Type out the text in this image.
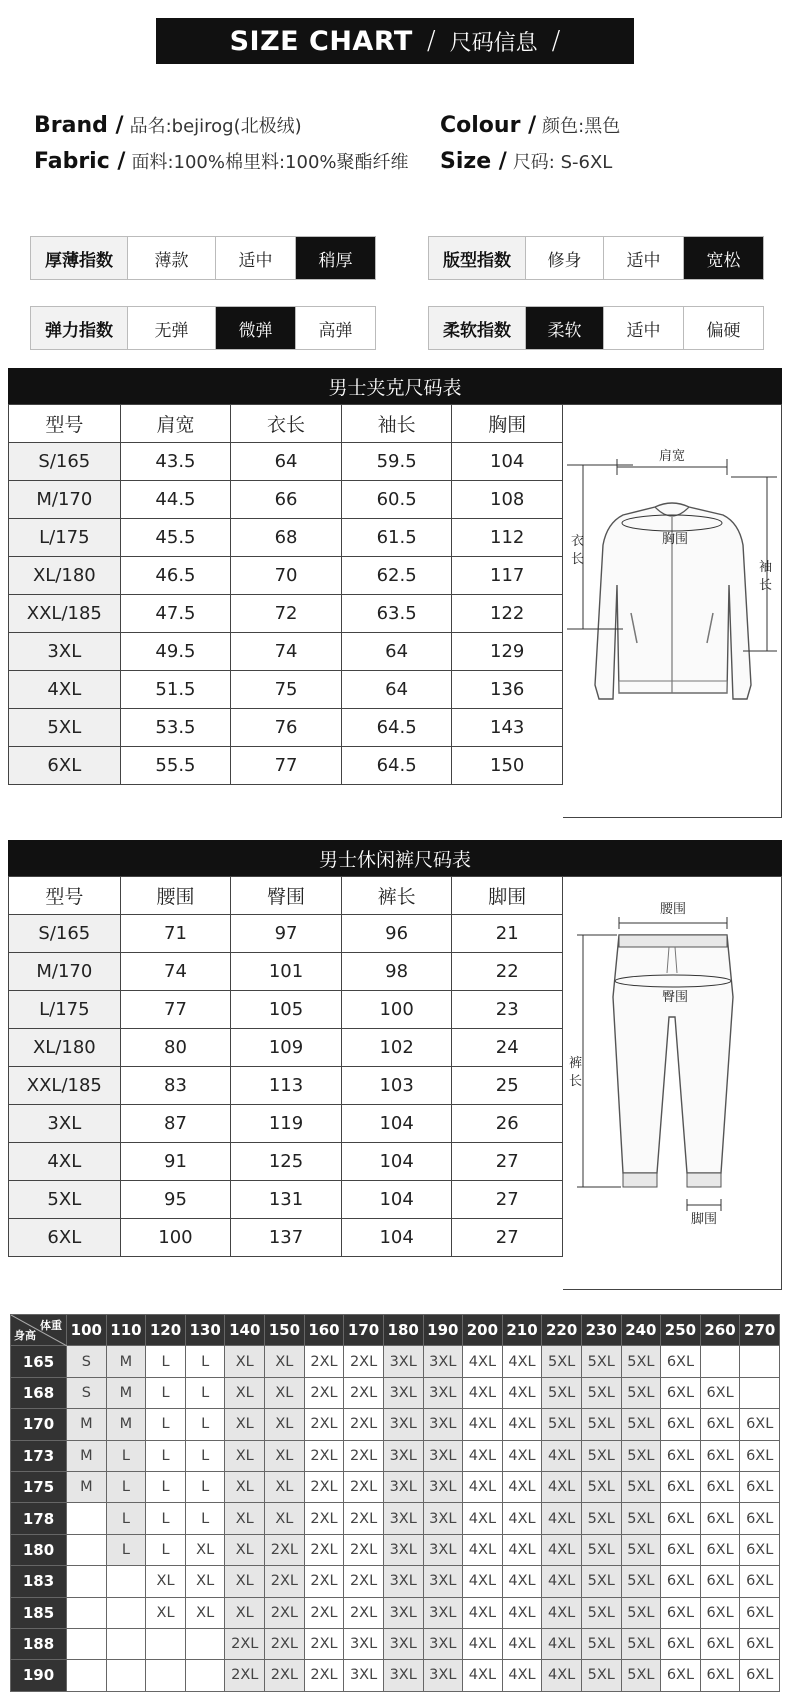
SIZE CHART / 尺码信息 /
Brand / 品名:bejirog(北极绒)
Fabric / 面料:100%棉里料:100%聚酯纤维
Colour / 颜色:黑色
Size / 尺码: S-6XL
厚薄指数	薄款	适中	稍厚	版型指数	修身	适中	宽松
弹力指数	无弹	微弹	高弹	柔软指数	柔软	适中	偏硬
男士夹克尺码表
型号	肩宽	衣长	袖长	胸围
S/165	43.5	64	59.5	104
M/170	44.5	66	60.5	108
L/175	45.5	68	61.5	112
XL/180	46.5	70	62.5	117
XXL/185	47.5	72	63.5	122
3XL	49.5	74	64	129
4XL	51.5	75	64	136
5XL	53.5	76	64.5	143
6XL	55.5	77	64.5	150
肩宽
胸围
衣长
袖长
男士休闲裤尺码表
型号	腰围	臀围	裤长	脚围
S/165	71	97	96	21
M/170	74	101	98	22
L/175	77	105	100	23
XL/180	80	109	102	24
XXL/185	83	113	103	25
3XL	87	119	104	26
4XL	91	125	104	27
5XL	95	131	104	27
6XL	100	137	104	27
腰围
臀围
裤长
脚围
体重
身高	100	110	120	130	140	150	160	170	180	190	200	210	220	230	240	250	260	270
165	S	M	L	L	XL	XL	2XL	2XL	3XL	3XL	4XL	4XL	5XL	5XL	5XL	6XL		
168	S	M	L	L	XL	XL	2XL	2XL	3XL	3XL	4XL	4XL	5XL	5XL	5XL	6XL	6XL	
170	M	M	L	L	XL	XL	2XL	2XL	3XL	3XL	4XL	4XL	5XL	5XL	5XL	6XL	6XL	6XL
173	M	L	L	L	XL	XL	2XL	2XL	3XL	3XL	4XL	4XL	4XL	5XL	5XL	6XL	6XL	6XL
175	M	L	L	L	XL	XL	2XL	2XL	3XL	3XL	4XL	4XL	4XL	5XL	5XL	6XL	6XL	6XL
178		L	L	L	XL	XL	2XL	2XL	3XL	3XL	4XL	4XL	4XL	5XL	5XL	6XL	6XL	6XL
180		L	L	XL	XL	2XL	2XL	2XL	3XL	3XL	4XL	4XL	4XL	5XL	5XL	6XL	6XL	6XL
183			XL	XL	XL	2XL	2XL	2XL	3XL	3XL	4XL	4XL	4XL	5XL	5XL	6XL	6XL	6XL
185			XL	XL	XL	2XL	2XL	2XL	3XL	3XL	4XL	4XL	4XL	5XL	5XL	6XL	6XL	6XL
188					2XL	2XL	2XL	3XL	3XL	3XL	4XL	4XL	4XL	5XL	5XL	6XL	6XL	6XL
190					2XL	2XL	2XL	3XL	3XL	3XL	4XL	4XL	4XL	5XL	5XL	6XL	6XL	6XL
